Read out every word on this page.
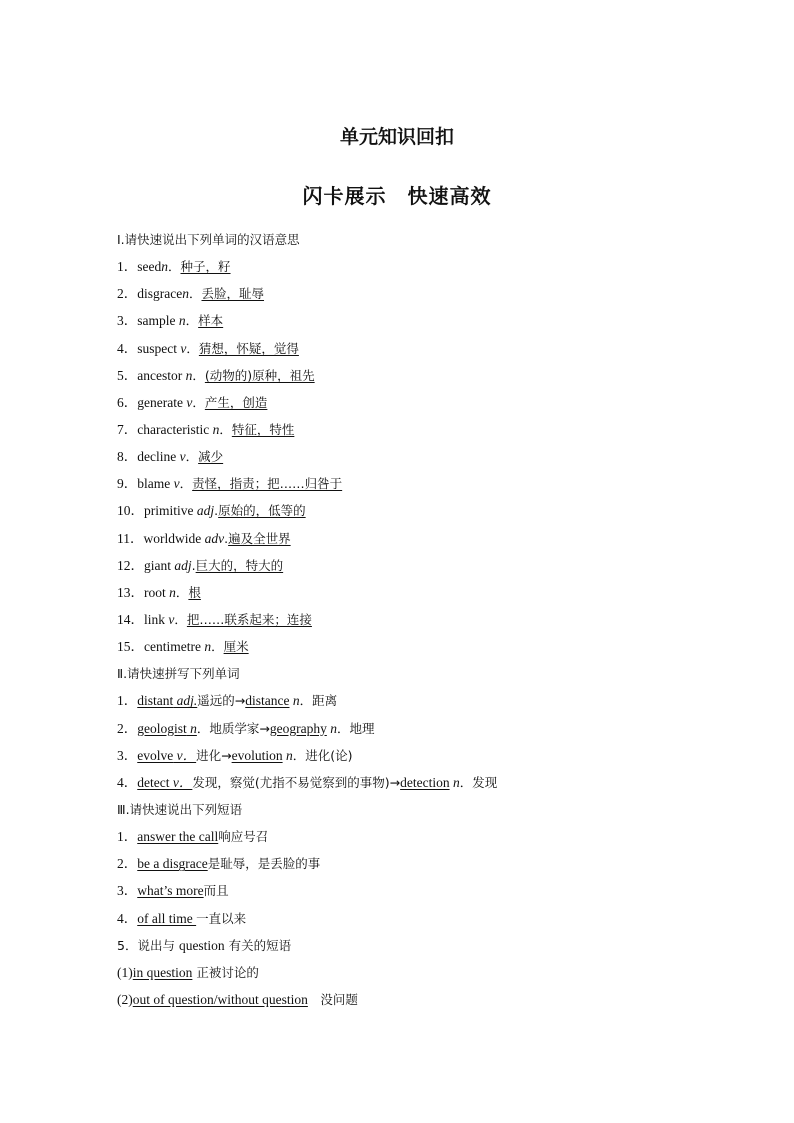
单元知识回扣
闪卡展示　快速高效
Ⅰ.请快速说出下列单词的汉语意思
1．seedn．种子，籽
2．disgracen．丢脸，耻辱
3．sample n．样本
4．suspect v．猜想，怀疑，觉得
5．ancestor n．(动物的)原种，祖先
6．generate v．产生，创造
7．characteristic n．特征，特性
8．decline v．减少
9．blame v．责怪，指责；把……归咎于
10．primitive adj.原始的，低等的
11．worldwide adv.遍及全世界
12．giant adj.巨大的，特大的
13．root n．根
14．link v．把……联系起来；连接
15．centimetre n．厘米
Ⅱ.请快速拼写下列单词
1．distant adj.遥远的→distance n．距离
2．geologist n．地质学家→geography n．地理
3．evolve v．进化→evolution n．进化(论)
4．detect v．发现，察觉(尤指不易觉察到的事物)→detection n．发现
Ⅲ.请快速说出下列短语
1．answer the call响应号召
2．be a disgrace是耻辱，是丢脸的事
3．what’s more而且
4．of all time 一直以来
5．说出与 question 有关的短语
(1)in question 正被讨论的
(2)out of question/without question　没问题
